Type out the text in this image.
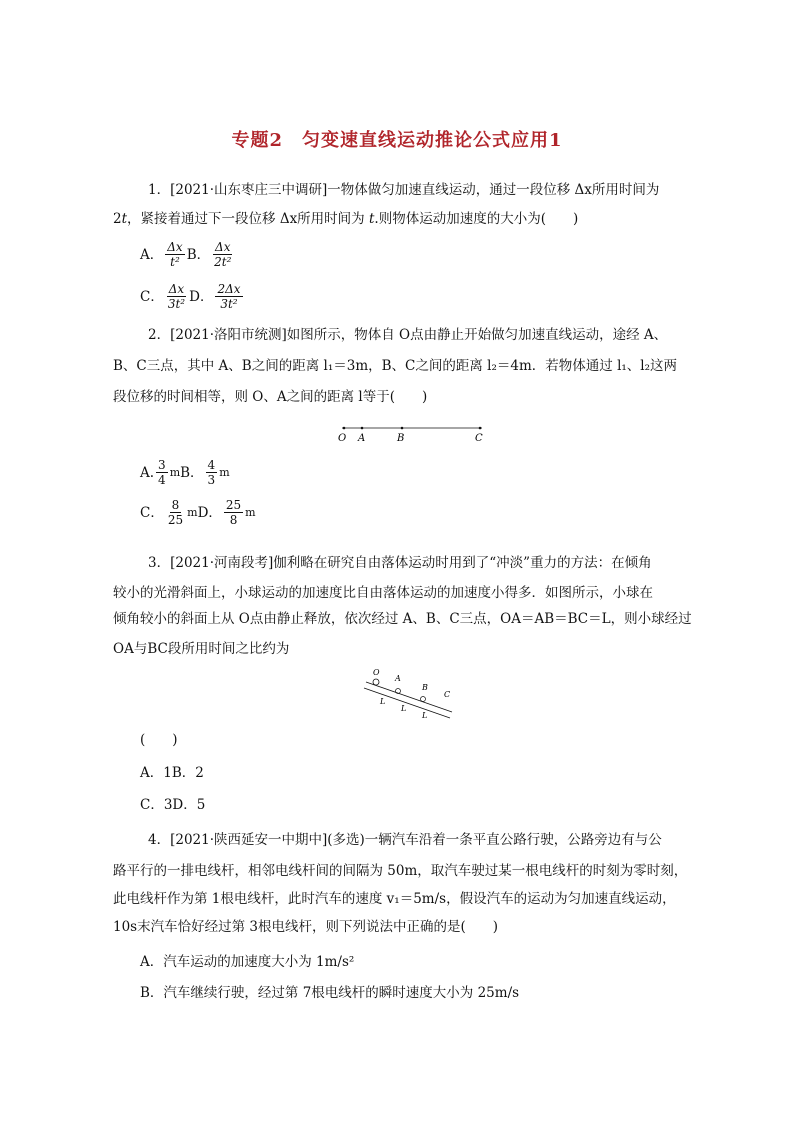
专题2　匀变速直线运动推论公式应用1
1．[2021·山东枣庄三中调研]一物体做匀加速直线运动，通过一段位移 Δx所用时间为
2t，紧接着通过下一段位移 Δx所用时间为 t.则物体运动加速度的大小为(　　)
A． $\frac{\Delta x}{\text{t²}}$ B． $\frac{\Delta x}{\text{2t²}}$
C． $\frac{\Delta x}{\text{3t²}}$ D． $\frac{2\Delta x}{\text{3t²}}$
2．[2021·洛阳市统测]如图所示，物体自 O点由静止开始做匀加速直线运动，途经 A、
B、C三点，其中 A、B之间的距离 l₁＝3m，B、C之间的距离 l₂＝4m．若物体通过 l₁、l₂这两
段位移的时间相等，则 O、A之间的距离 l等于(　　)
O A	B	C
A. $\frac{3}{4}$ m B． $\frac{4}{3}$ m
C． $\frac{8}{25}$ m D． $\frac{25}{8}$ m
3．[2021·河南段考]伽利略在研究自由落体运动时用到了“冲淡”重力的方法：在倾角
较小的光滑斜面上，小球运动的加速度比自由落体运动的加速度小得多．如图所示，小球在
倾角较小的斜面上从 O点由静止释放，依次经过 A、B、C三点，OA＝AB＝BC＝L，则小球经过
OA与BC段所用时间之比约为
O
A
B
C
L
L
L
(　　)
A．1B．2
C．3D．5
4．[2021·陕西延安一中期中](多选)一辆汽车沿着一条平直公路行驶，公路旁边有与公
路平行的一排电线杆，相邻电线杆间的间隔为 50m，取汽车驶过某一根电线杆的时刻为零时刻，
此电线杆作为第 1根电线杆，此时汽车的速度 v₁＝5m/s，假设汽车的运动为匀加速直线运动，
10s末汽车恰好经过第 3根电线杆，则下列说法中正确的是(　　)
A．汽车运动的加速度大小为 1m/s²
B．汽车继续行驶，经过第 7根电线杆的瞬时速度大小为 25m/s
